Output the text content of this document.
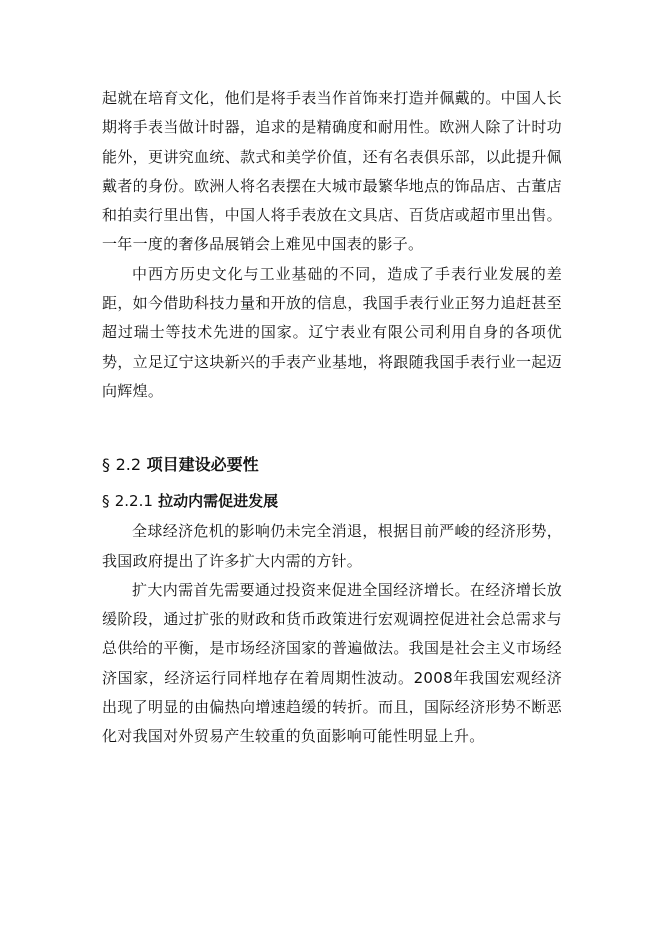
起就在培育文化，他们是将手表当作首饰来打造并佩戴的。中国人长期将手表当做计时器，追求的是精确度和耐用性。欧洲人除了计时功能外，更讲究血统、款式和美学价值，还有名表俱乐部，以此提升佩戴者的身份。欧洲人将名表摆在大城市最繁华地点的饰品店、古董店和拍卖行里出售，中国人将手表放在文具店、百货店或超市里出售。一年一度的奢侈品展销会上难见中国表的影子。

中西方历史文化与工业基础的不同，造成了手表行业发展的差距，如今借助科技力量和开放的信息，我国手表行业正努力追赶甚至超过瑞士等技术先进的国家。辽宁表业有限公司利用自身的各项优势，立足辽宁这块新兴的手表产业基地，将跟随我国手表行业一起迈向辉煌。

§ 2.2 项目建设必要性
§ 2.2.1 拉动内需促进发展

全球经济危机的影响仍未完全消退，根据目前严峻的经济形势，我国政府提出了许多扩大内需的方针。

扩大内需首先需要通过投资来促进全国经济增长。在经济增长放缓阶段，通过扩张的财政和货币政策进行宏观调控促进社会总需求与总供给的平衡，是市场经济国家的普遍做法。我国是社会主义市场经济国家，经济运行同样地存在着周期性波动。2008年我国宏观经济出现了明显的由偏热向增速趋缓的转折。而且，国际经济形势不断恶化对我国对外贸易产生较重的负面影响可能性明显上升。
